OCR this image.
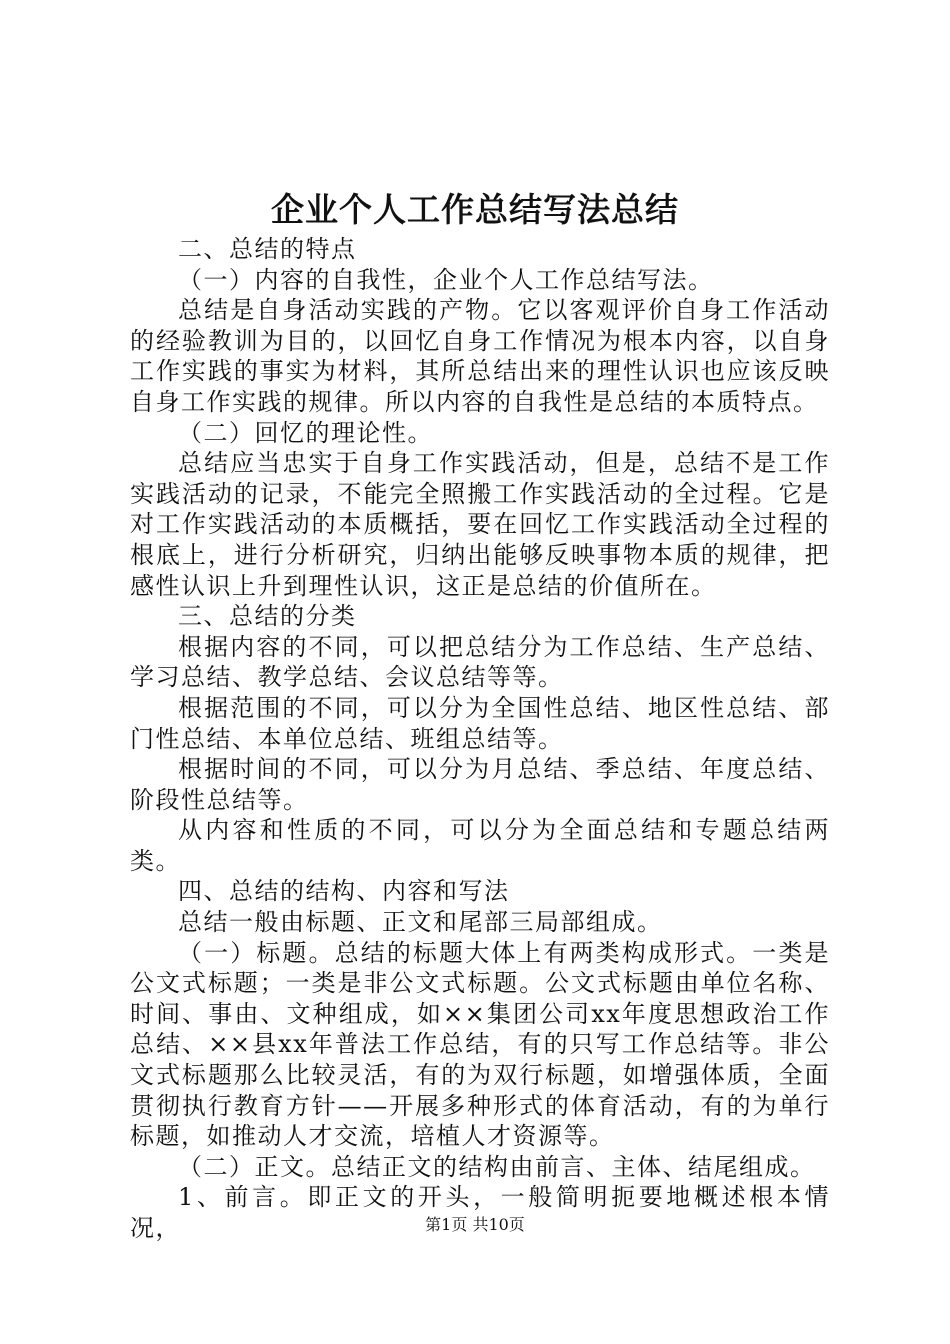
企业个人工作总结写法总结

二、总结的特点

（一）内容的自我性，企业个人工作总结写法。

总结是自身活动实践的产物。它以客观评价自身工作活动的经验教训为目的，以回忆自身工作情况为根本内容，以自身工作实践的事实为材料，其所总结出来的理性认识也应该反映自身工作实践的规律。所以内容的自我性是总结的本质特点。

（二）回忆的理论性。

总结应当忠实于自身工作实践活动，但是，总结不是工作实践活动的记录，不能完全照搬工作实践活动的全过程。它是对工作实践活动的本质概括，要在回忆工作实践活动全过程的根底上，进行分析研究，归纳出能够反映事物本质的规律，把感性认识上升到理性认识，这正是总结的价值所在。

三、总结的分类

根据内容的不同，可以把总结分为工作总结、生产总结、学习总结、教学总结、会议总结等等。

根据范围的不同，可以分为全国性总结、地区性总结、部门性总结、本单位总结、班组总结等。

根据时间的不同，可以分为月总结、季总结、年度总结、阶段性总结等。

从内容和性质的不同，可以分为全面总结和专题总结两类。

四、总结的结构、内容和写法

总结一般由标题、正文和尾部三局部组成。

（一）标题。总结的标题大体上有两类构成形式。一类是公文式标题；一类是非公文式标题。公文式标题由单位名称、时间、事由、文种组成，如××集团公司xx年度思想政治工作总结、××县xx年普法工作总结，有的只写工作总结等。非公文式标题那么比较灵活，有的为双行标题，如增强体质，全面贯彻执行教育方针——开展多种形式的体育活动，有的为单行标题，如推动人才交流，培植人才资源等。

（二）正文。总结正文的结构由前言、主体、结尾组成。

1、前言。即正文的开头，一般简明扼要地概述根本情况，	第1页 共10页
